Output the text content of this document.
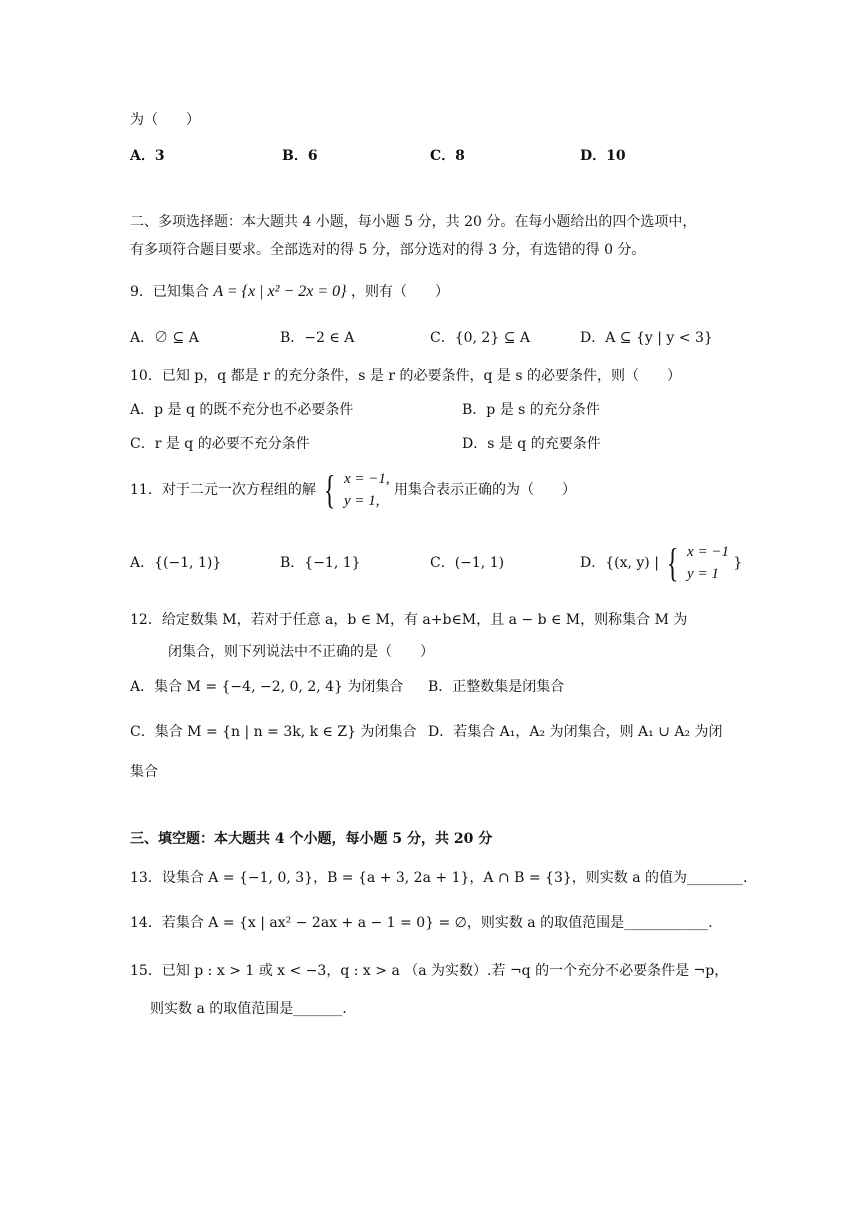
为（　　）
A．3	B．6	C．8	D．10
二、多项选择题：本大题共 4 小题，每小题 5 分，共 20 分。在每小题给出的四个选项中，
有多项符合题目要求。全部选对的得 5 分，部分选对的得 3 分，有选错的得 0 分。
9．已知集合 A = {x | x² − 2x = 0} ，则有（　　）
A．∅ ⊆ A	B．−2 ∈ A	C．{0, 2} ⊆ A	D．A ⊆ {y | y < 3}
10．已知 p，q 都是 r 的充分条件，s 是 r 的必要条件，q 是 s 的必要条件，则（　　）
A．p 是 q 的既不充分也不必要条件	B．p 是 s 的充分条件
C．r 是 q 的必要不充分条件	D．s 是 q 的充要条件
11．对于二元一次方程组的解 { x = −1,
y = 1,
用集合表示正确的为（　　）
A．{(−1, 1)}	B．{−1, 1}	C．(−1, 1)	D．{(x, y) | { x = −1
y = 1
}
12．给定数集 M，若对于任意 a，b ∈ M，有 a+b∈M，且 a − b ∈ M，则称集合 M 为
闭集合，则下列说法中不正确的是（　　）
A．集合 M = {−4, −2, 0, 2, 4} 为闭集合 B．正整数集是闭集合
C．集合 M = {n | n = 3k, k ∈ Z} 为闭集合 D．若集合 A₁，A₂ 为闭集合，则 A₁ ∪ A₂ 为闭
集合
三、填空题：本大题共 4 个小题，每小题 5 分，共 20 分
13．设集合 A = {−1, 0, 3}，B = {a + 3, 2a + 1}，A ∩ B = {3}，则实数 a 的值为________.
14．若集合 A = {x | ax² − 2ax + a − 1 = 0} = ∅，则实数 a 的取值范围是____________.
15．已知 p : x > 1 或 x < −3，q : x > a （a 为实数）.若 ¬q 的一个充分不必要条件是 ¬p，
则实数 a 的取值范围是_______.
